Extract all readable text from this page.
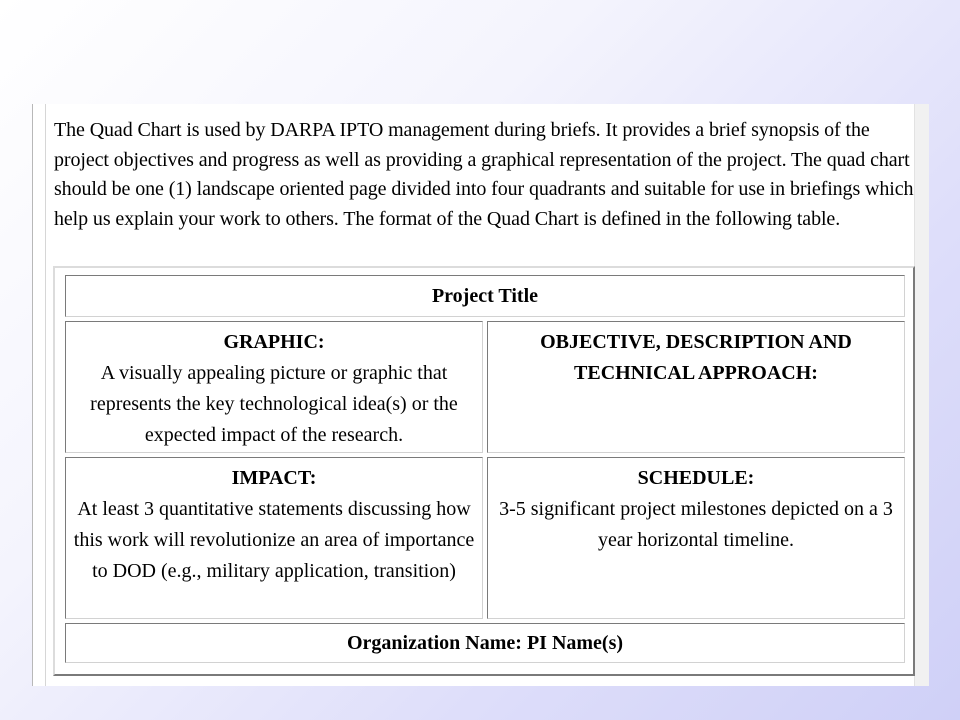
The Quad Chart is used by DARPA IPTO management during briefs. It provides a brief synopsis of the project objectives and progress as well as providing a graphical representation of the project. The quad chart should be one (1) landscape oriented page divided into four quadrants and suitable for use in briefings which help us explain your work to others. The format of the Quad Chart is defined in the following table.

Project Title
GRAPHIC:
A visually appealing picture or graphic that represents the key technological idea(s) or the expected impact of the research.
OBJECTIVE, DESCRIPTION AND TECHNICAL APPROACH:
IMPACT:
At least 3 quantitative statements discussing how this work will revolutionize an area of importance to DOD (e.g., military application, transition)
SCHEDULE:
3-5 significant project milestones depicted on a 3 year horizontal timeline.
Organization Name: PI Name(s)
